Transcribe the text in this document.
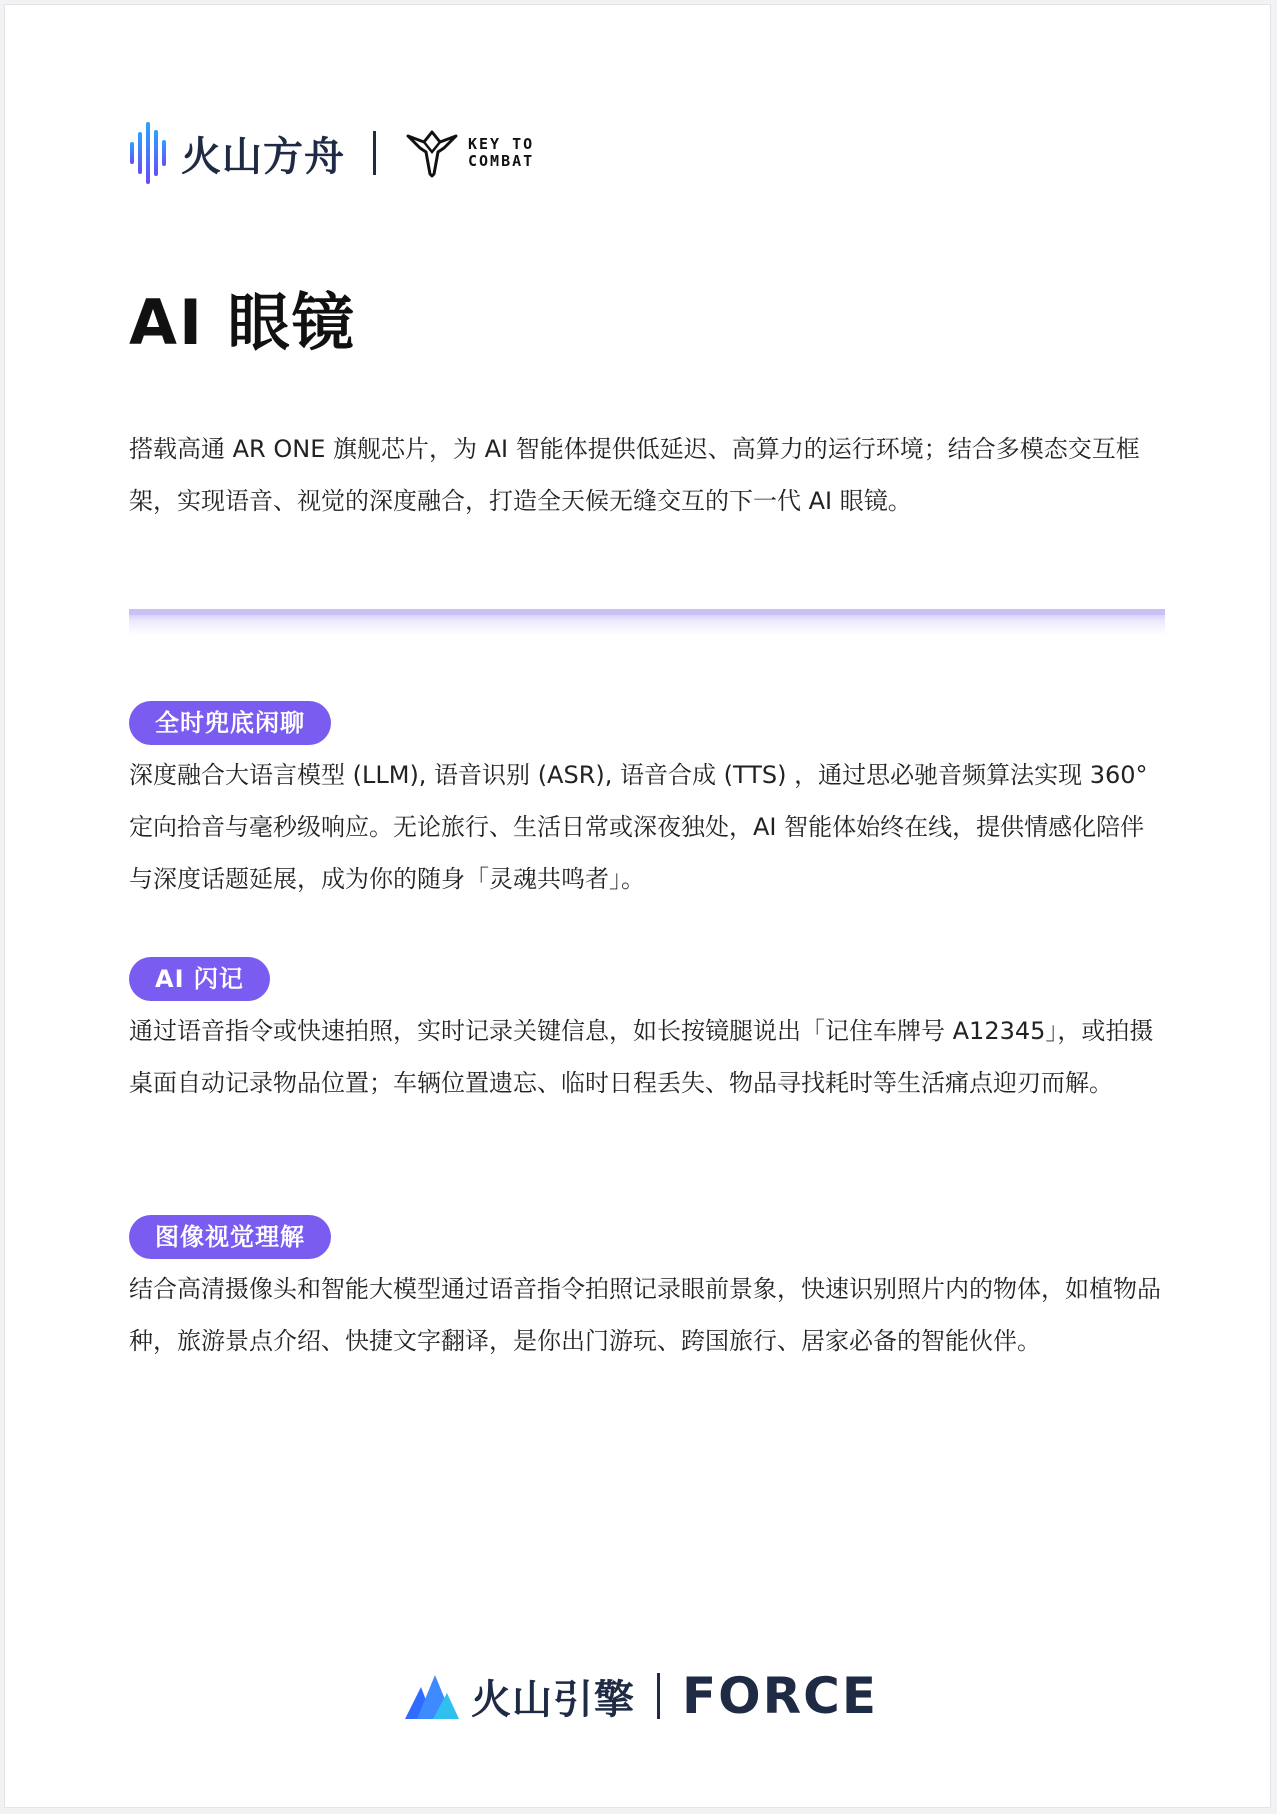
火山方舟	KEY TO
COMBAT
AI 眼镜

搭载高通 AR ONE 旗舰芯片，为 AI 智能体提供低延迟、高算力的运行环境；结合多模态交互框架，实现语音、视觉的深度融合，打造全天候无缝交互的下一代 AI 眼镜。

全时兜底闲聊

深度融合大语言模型 (LLM), 语音识别 (ASR), 语音合成 (TTS) ，通过思必驰音频算法实现 360° 定向拾音与毫秒级响应。无论旅行、生活日常或深夜独处，AI 智能体始终在线，提供情感化陪伴与深度话题延展，成为你的随身「灵魂共鸣者」。

AI 闪记

通过语音指令或快速拍照，实时记录关键信息，如长按镜腿说出「记住车牌号 A12345」，或拍摄桌面自动记录物品位置；车辆位置遗忘、临时日程丢失、物品寻找耗时等生活痛点迎刃而解。

图像视觉理解

结合高清摄像头和智能大模型通过语音指令拍照记录眼前景象，快速识别照片内的物体，如植物品种，旅游景点介绍、快捷文字翻译，是你出门游玩、跨国旅行、居家必备的智能伙伴。

火山引擎 FORCE
